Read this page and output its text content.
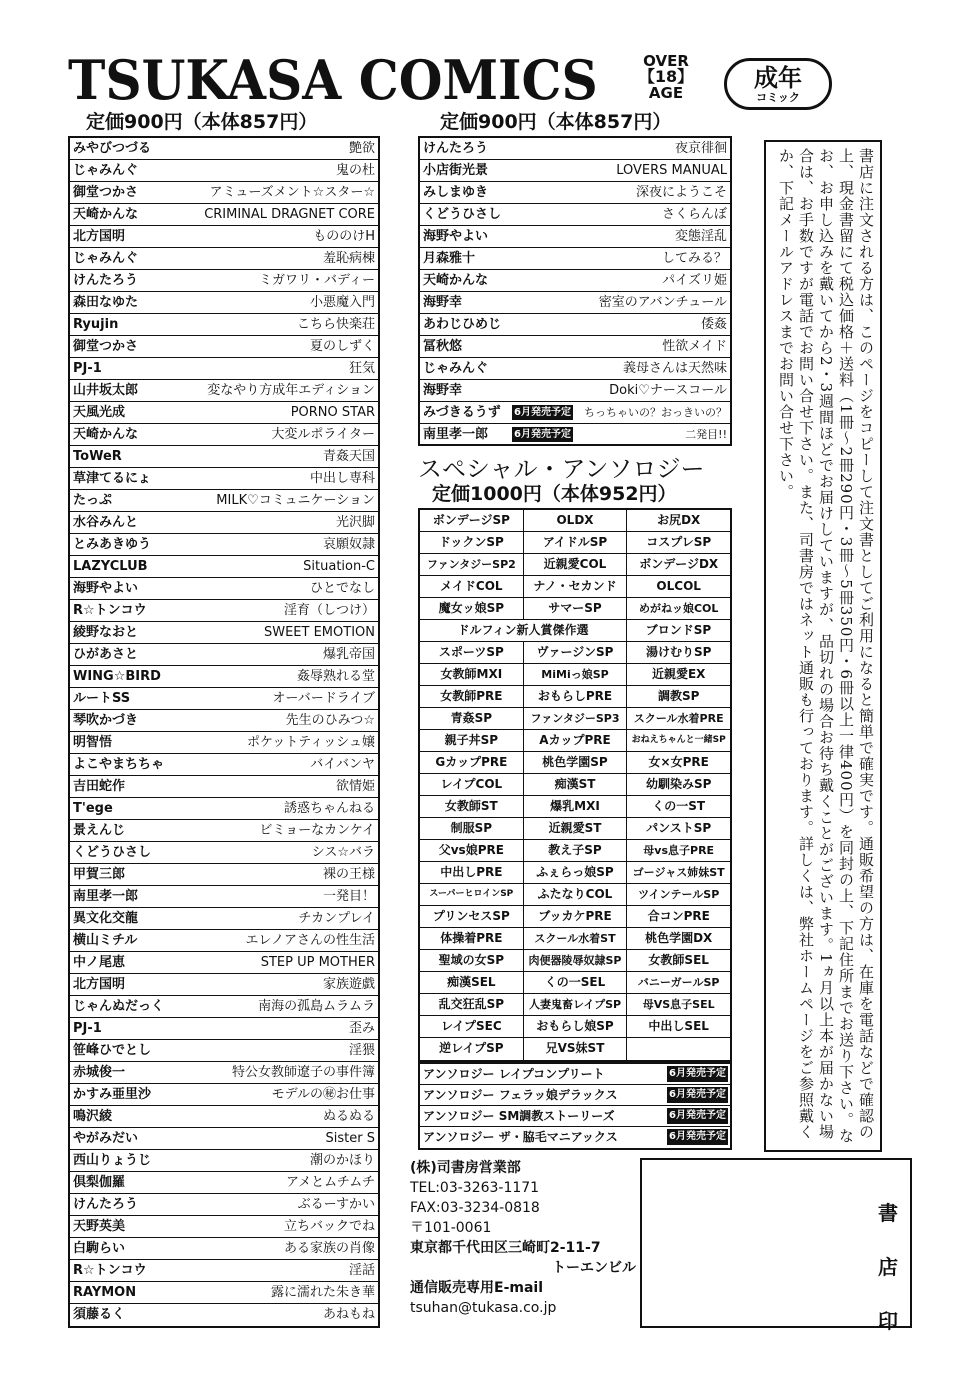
TSUKASA COMICS	OVER
【18】
AGE
成年
コミック
定価900円（本体857円）	定価900円（本体857円）
みやびつづる	艶欲
じゃみんぐ	鬼の杜
御堂つかさ	アミューズメント☆スター☆
天崎かんな	CRIMINAL DRAGNET CORE
北方国明	もののけH
じゃみんぐ	羞恥病棟
けんたろう	ミガワリ・バディー
森田なゆた	小悪魔入門
Ryujin	こちら快楽荘
御堂つかさ	夏のしずく
PJ-1	狂気
山井坂太郎	変なやり方成年エディション
天風光成	PORNO STAR
天崎かんな	大変ルポライター
ToWeR	青姦天国
草津てるにょ	中出し専科
たっぷ	MILK♡コミュニケーション
水谷みんと	光沢脚
とみあきゆう	哀願奴隷
LAZYCLUB	Situation-C
海野やよい	ひとでなし
R☆トンコウ	淫育（しつけ）
綾野なおと	SWEET EMOTION
ひがあさと	爆乳帝国
WING☆BIRD	姦辱熟れる堂
ルートSS	オーバードライブ
琴吹かづき	先生のひみつ☆
明智悟	ポケットティッシュ嬢
よこやまちちゃ	バイバンヤ
吉田蛇作	欲情姫
T'ege	誘惑ちゃんねる
景えんじ	ビミョーなカンケイ
くどうひさし	シス☆バラ
甲賀三郎	裸の王様
南里孝一郎	一発目！
異文化交龍	チカンプレイ
横山ミチル	エレノアさんの性生活
中ノ尾恵	STEP UP MOTHER
北方国明	家族遊戯
じゃんぬだっく	南海の孤島ムラムラ
PJ-1	歪み
笹峰ひでとし	淫猥
赤城俊一	特公女教師遼子の事件簿
かすみ亜里沙	モデルの㊙お仕事
鳴沢綾	ぬるぬる
やがみだい	Sister S
西山りょうじ	潮のかほり
倶梨伽羅	アメとムチムチ
けんたろう	ぶるーすかい
天野英美	立ちバックでね
白駒らい	ある家族の肖像
R☆トンコウ	淫話
RAYMON	露に濡れた朱き華
須藤るく	あねもね
けんたろう	夜京徘徊
小店街光景	LOVERS MANUAL
みしまゆき	深夜にようこそ
くどうひさし	さくらんぼ
海野やよい	変態淫乱
月森雅十	してみる？
天崎かんな	パイズリ姫
海野幸	密室のアバンチュール
あわじひめじ	倭姦
冨秋悠	性欲メイド
じゃみんぐ	義母さんは天然味
海野幸	Doki♡ナースコール
みづきるうず 6月発売予定 ちっちゃいの？おっきいの？
南里孝一郎	6月発売予定	二発目!!
スペシャル・アンソロジー
定価1000円（本体952円）
ボンデージSP	OLDX	お尻DX
ドックンSP	アイドルSP	コスプレSP
ファンタジーSP2	近親愛COL	ボンデージDX
メイドCOL	ナノ・セカンド	OLCOL
魔女ッ娘SP	サマーSP	めがねッ娘COL
ドルフィン新人賞傑作選	ブロンドSP
スポーツSP	ヴァージンSP	湯けむりSP
女教師MXI	MiMiっ娘SP	近親愛EX
女教師PRE	おもらしPRE	調教SP
青姦SP	ファンタジーSP3	スクール水着PRE
親子丼SP	AカップPRE	おねえちゃんと一緒SP
GカップPRE	桃色学園SP	女×女PRE
レイプCOL	痴漢ST	幼馴染みSP
女教師ST	爆乳MXI	くの一ST
制服SP	近親愛ST	パンストSP
父vs娘PRE	教え子SP	母vs息子PRE
中出しPRE	ふぇらっ娘SP	ゴージャス姉妹ST
スーパーヒロインSP	ふたなりCOL	ツインテールSP
プリンセスSP	ブッカケPRE	合コンPRE
体操着PRE	スクール水着ST	桃色学園DX
聖域の女SP	肉便器陵辱奴隷SP	女教師SEL
痴漢SEL	くの一SEL	バニーガールSP
乱交狂乱SP	人妻鬼畜レイプSP	母VS息子SEL
レイプSEC	おもらし娘SP	中出しSEL
逆レイプSP	兄VS妹ST
アンソロジー レイプコンプリート	6月発売予定
アンソロジー フェラッ娘デラックス	6月発売予定
アンソロジー SM調教ストーリーズ	6月発売予定
アンソロジー ザ・脇毛マニアックス	6月発売予定
(株)司書房営業部
TEL:03-3263-1171
FAX:03-3234-0818
〒101-0061
東京都千代田区三崎町2-11-7
トーエンビル
通信販売専用E-mail
tsuhan@tukasa.co.jp
書
店
印
書店に注文される方は、このページをコピーして注文書としてご利用になると簡単で確実です。通販希望の方は、在庫を電話などで確認の上、現金書留にて税込価格＋送料（1冊〜2冊290円・3冊〜5冊350円・6冊以上一律400円）を同封の上、下記住所までお送り下さい。なお、お申し込みを戴いてから2・3週間ほどでお届けしていますが、品切れの場合お待ち戴くことがございます。1ヵ月以上本が届かない場合は、お手数ですが電話でお問い合せ下さい。また、司書房ではネット通販も行っております。詳しくは、弊社ホームページをご参照戴くか、下記メールアドレスまでお問い合せ下さい。
